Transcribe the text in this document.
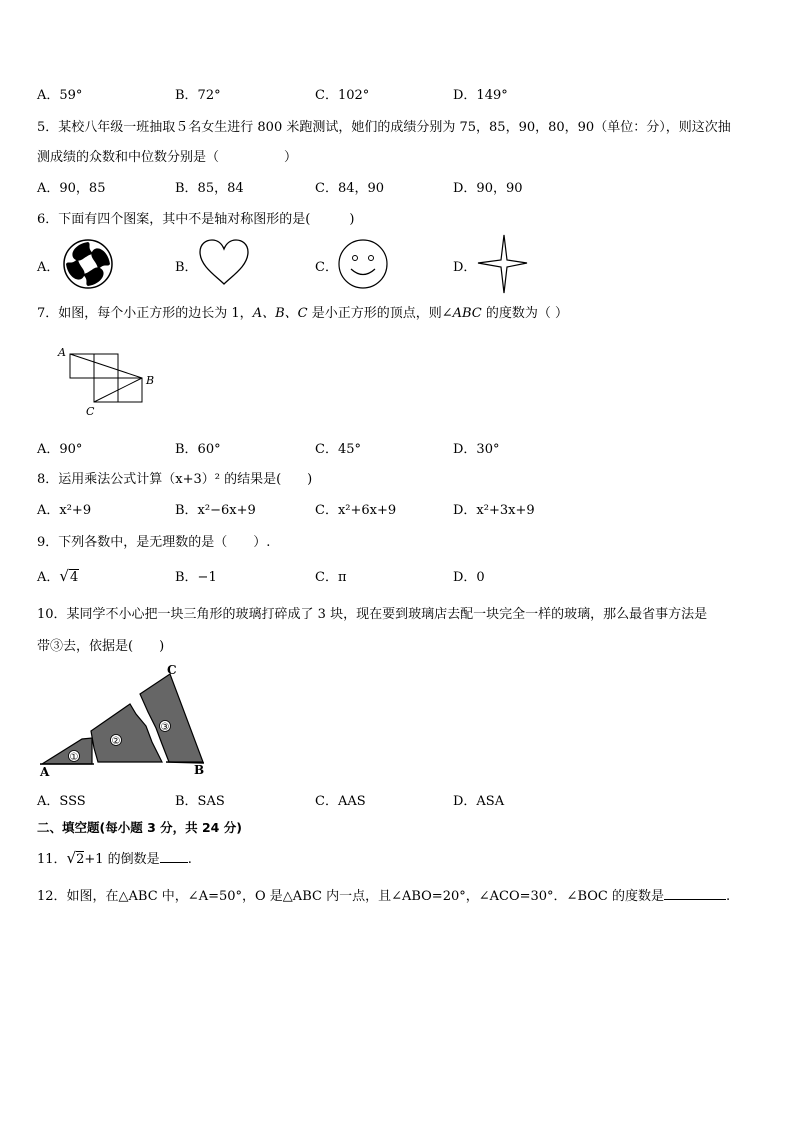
A．59°	B．72°	C．102°	D．149°
5．某校八年级一班抽取５名女生进行 800 米跑测试，她们的成绩分别为 75，85，90，80，90（单位：分），则这次抽
测成绩的众数和中位数分别是（　　　　　）
A．90，85	B．85，84	C．84，90	D．90，90
6．下面有四个图案，其中不是轴对称图形的是(　　　)
A．	B．	C．	D．
7．如图，每个小正方形的边长为 1，A、B、C 是小正方形的顶点，则∠ABC 的度数为（ ）
A
B
C
A．90°	B．60°	C．45°	D．30°
8．运用乘法公式计算（x+3）² 的结果是(　　)
A．x²+9	B．x²−6x+9	C．x²+6x+9	D．x²+3x+9
9．下列各数中，是无理数的是（　　）.
A．√4	B．−1	C．π	D．0
10．某同学不小心把一块三角形的玻璃打碎成了 3 块，现在要到玻璃店去配一块完全一样的玻璃，那么最省事方法是
带③去，依据是(　　)
①
②
③
A	B
C
A．SSS	B．SAS	C．AAS	D．ASA
二、填空题(每小题 3 分，共 24 分)
11．√2+1 的倒数是 .
12．如图，在△ABC 中，∠A=50°，O 是△ABC 内一点，且∠ABO=20°，∠ACO=30°．∠BOC 的度数是	.
